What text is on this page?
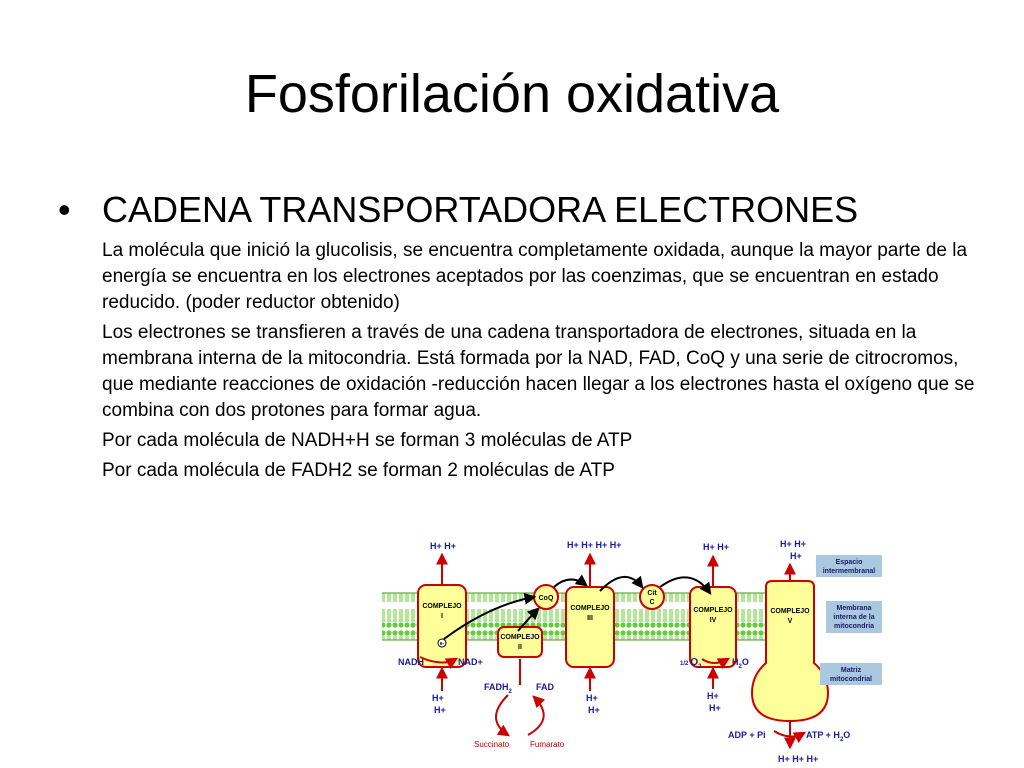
Fosforilación oxidativa
• CADENA TRANSPORTADORA ELECTRONES

La molécula que inició la glucolisis, se encuentra completamente oxidada, aunque la mayor parte de la energía se encuentra en los electrones aceptados por las coenzimas, que se encuentran en estado reducido. (poder reductor obtenido)

Los electrones se transfieren a través de una cadena transportadora de electrones, situada en la membrana interna de la mitocondria. Está formada por la NAD, FAD, CoQ y una serie de citrocromos, que mediante reacciones de oxidación -reducción hacen llegar a los electrones hasta el oxígeno que se combina con dos protones para formar agua.

Por cada molécula de NADH+H se forman 3 moléculas de ATP

Por cada molécula de FADH2 se forman 2 moléculas de ATP

H+ H+	H+ H+ H+ H+	H+ H+	H+ H+
H+
COMPLEJO
I
e-
COMPLEJO
II
CoQ
COMPLEJO
III
Cit
C
COMPLEJO
IV
COMPLEJO
V
NADH	NAD+
H+
H+
H+
H+
H+
H+
$FADH_2$	FAD
Succinato	Fumarato
1/2 O2	H2O
ADP + Pi	ATP + H2O
H+ H+ H+
Espacio
intermembranal
Membrana
interna de la
mitocondria
Matriz
mitocondrial
